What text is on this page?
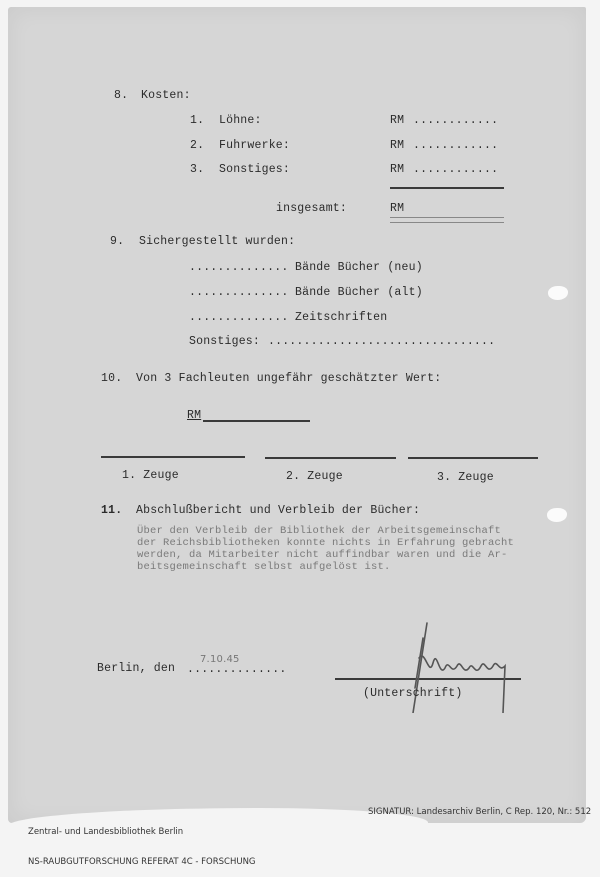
8. Kosten:
1. Löhne:	RM ............
2. Fuhrwerke:	RM ............
3. Sonstiges:	RM ............
insgesamt:	RM
9. Sichergestellt wurden:
.............. Bände Bücher (neu)
.............. Bände Bücher (alt)
.............. Zeitschriften
Sonstiges: ................................
10. Von 3 Fachleuten ungefähr geschätzter Wert:
RM
1. Zeuge	2. Zeuge	3. Zeuge
11. Abschlußbericht und Verbleib der Bücher:
Über den Verbleib der Bibliothek der Arbeitsgemeinschaft
der Reichsbibliotheken konnte nichts in Erfahrung gebracht
werden, da Mitarbeiter nicht auffindbar waren und die Ar-
beitsgemeinschaft selbst aufgelöst ist.
Berlin, den ..............
7.10.45
(Unterschrift)

Zentral- und Landesbibliothek Berlin

NS-RAUBGUTFORSCHUNG REFERAT 4C - FORSCHUNG

SIGNATUR: Landesarchiv Berlin, C Rep. 120, Nr.: 512
